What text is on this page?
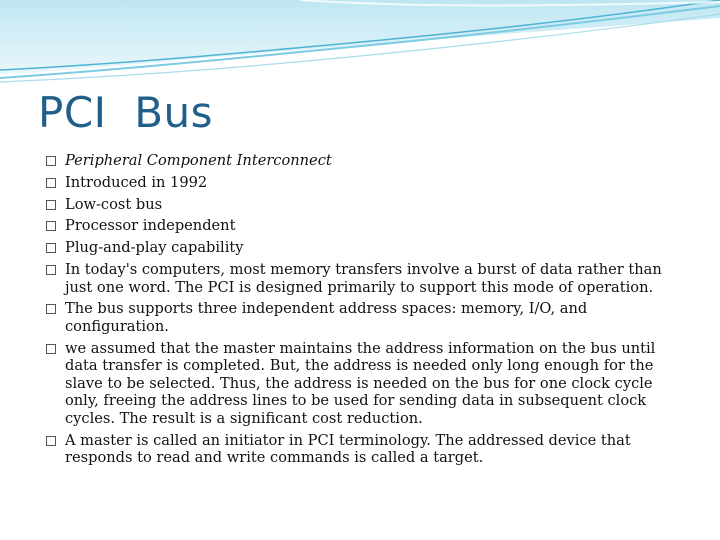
PCI  Bus
Peripheral Component Interconnect
Introduced in 1992
Low-cost bus
Processor independent
Plug-and-play capability
In today's computers, most memory transfers involve a burst of data rather than just one word. The PCI is designed primarily to support this mode of operation.
The bus supports three independent address spaces: memory, I/O, and configuration.
we assumed that the master maintains the address information on the bus until data transfer is completed. But, the address is needed only long enough for the slave to be selected. Thus, the address is needed on the bus for one clock cycle only, freeing the address lines to be used for sending data in subsequent clock cycles. The result is a significant cost reduction.
A master is called an initiator in PCI terminology. The addressed device that responds to read and write commands is called a target.
